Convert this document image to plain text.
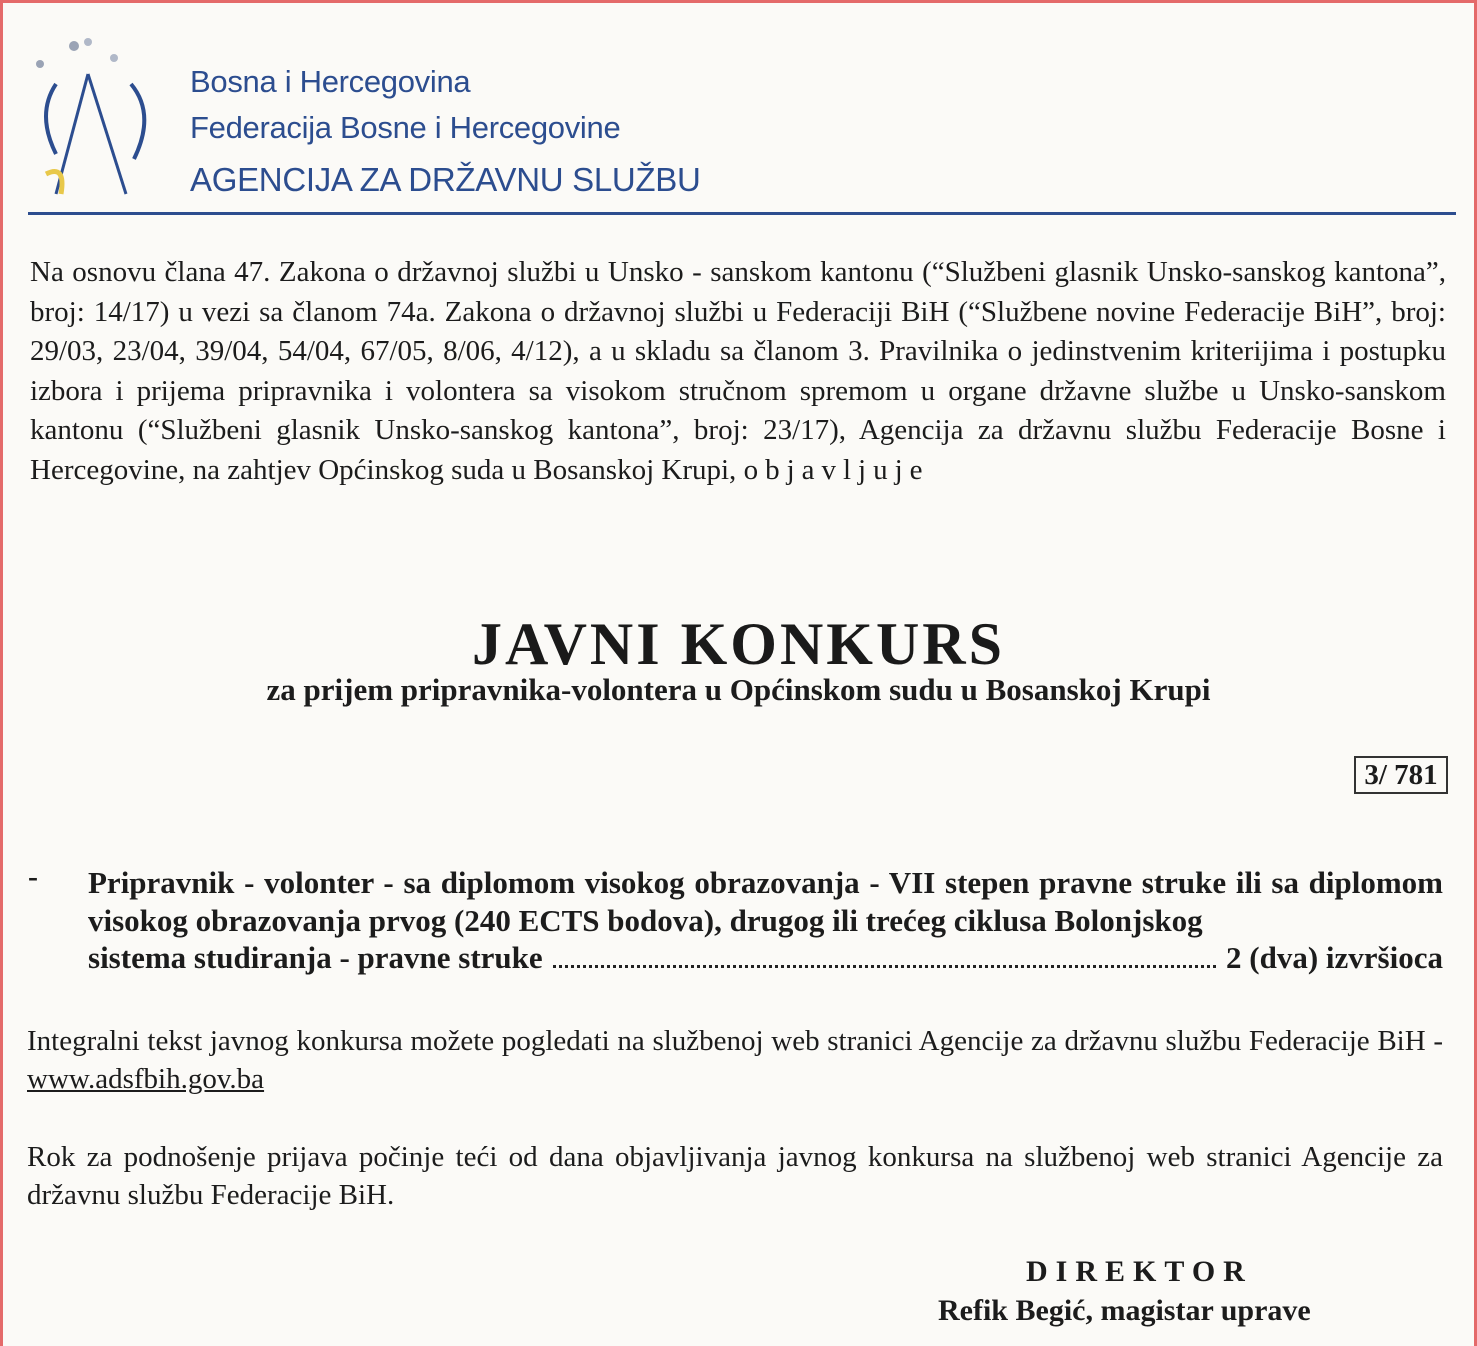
Bosna i Hercegovina
Federacija Bosne i Hercegovine
AGENCIJA ZA DRŽAVNU SLUŽBU
Na osnovu člana 47. Zakona o državnoj službi u Unsko - sanskom kantonu (“Službeni glasnik Unsko-sanskog kantona”, broj: 14/17) u vezi sa članom 74a. Zakona o državnoj službi u Federaciji BiH (“Službene novine Federacije BiH”, broj: 29/03, 23/04, 39/04, 54/04, 67/05, 8/06, 4/12), a u skladu sa članom 3. Pravilnika o jedinstvenim kriterijima i postupku izbora i prijema pripravnika i volontera sa visokom stručnom spremom u organe državne službe u Unsko-sanskom kantonu (“Službeni glasnik Unsko-sanskog kantona”, broj: 23/17), Agencija za državnu službu Federacije Bosne i Hercegovine, na zahtjev Općinskog suda u Bosanskoj Krupi, objavljuje
JAVNI KONKURS
za prijem pripravnika-volontera u Općinskom sudu u Bosanskoj Krupi
3/ 781
- Pripravnik - volonter - sa diplomom visokog obrazovanja - VII stepen pravne struke ili sa diplomom visokog obrazovanja prvog (240 ECTS bodova), drugog ili trećeg ciklusa Bolonjskog
sistema studiranja - pravne struke	2 (dva) izvršioca
Integralni tekst javnog konkursa možete pogledati na službenoj web stranici Agencije za državnu službu Federacije BiH - www.adsfbih.gov.ba
Rok za podnošenje prijava počinje teći od dana objavljivanja javnog konkursa na službenoj web stranici Agencije za državnu službu Federacije BiH.
DIREKTOR
Refik Begić, magistar uprave
